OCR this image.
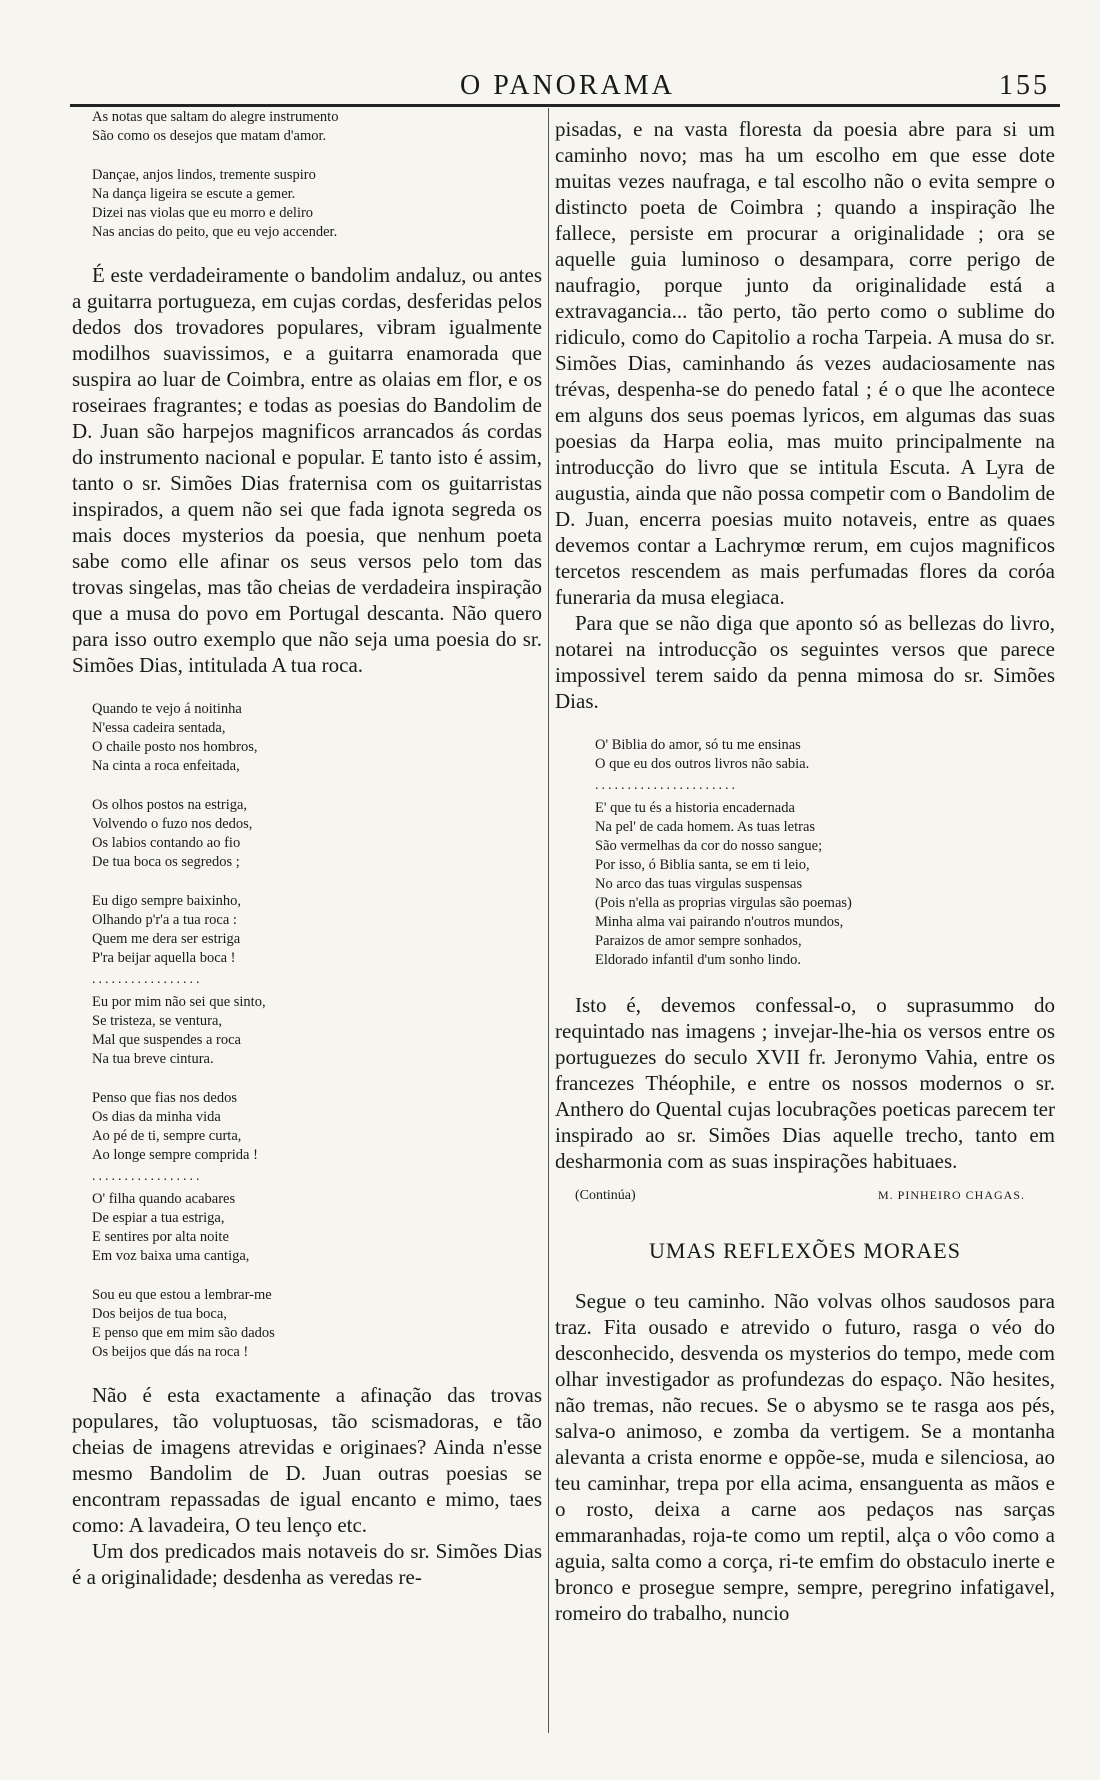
O PANORAMA	155
As notas que saltam do alegre instrumento
São como os desejos que matam d'amor.
Dançae, anjos lindos, tremente suspiro
Na dança ligeira se escute a gemer.
Dizei nas violas que eu morro e deliro
Nas ancias do peito, que eu vejo accender.

É este verdadeiramente o bandolim andaluz, ou antes a guitarra portugueza, em cujas cordas, desferidas pelos dedos dos trovadores populares, vibram igualmente modilhos suavissimos, e a guitarra enamorada que suspira ao luar de Coimbra, entre as olaias em flor, e os roseiraes fragrantes; e todas as poesias do Bandolim de D. Juan são harpejos magnificos arrancados ás cordas do instrumento nacional e popular. E tanto isto é assim, tanto o sr. Simões Dias fraternisa com os guitarristas inspirados, a quem não sei que fada ignota segreda os mais doces mysterios da poesia, que nenhum poeta sabe como elle afinar os seus versos pelo tom das trovas singelas, mas tão cheias de verdadeira inspiração que a musa do povo em Portugal descanta. Não quero para isso outro exemplo que não seja uma poesia do sr. Simões Dias, intitulada A tua roca.

Quando te vejo á noitinha
N'essa cadeira sentada,
O chaile posto nos hombros,
Na cinta a roca enfeitada,
Os olhos postos na estriga,
Volvendo o fuzo nos dedos,
Os labios contando ao fio
De tua boca os segredos ;
Eu digo sempre baixinho,
Olhando p'r'a a tua roca :
Quem me dera ser estriga
P'ra beijar aquella boca !
.................
Eu por mim não sei que sinto,
Se tristeza, se ventura,
Mal que suspendes a roca
Na tua breve cintura.
Penso que fias nos dedos
Os dias da minha vida
Ao pé de ti, sempre curta,
Ao longe sempre comprida !
.................
O' filha quando acabares
De espiar a tua estriga,
E sentires por alta noite
Em voz baixa uma cantiga,
Sou eu que estou a lembrar-me
Dos beijos de tua boca,
E penso que em mim são dados
Os beijos que dás na roca !

Não é esta exactamente a afinação das trovas populares, tão voluptuosas, tão scismadoras, e tão cheias de imagens atrevidas e originaes? Ainda n'esse mesmo Bandolim de D. Juan outras poesias se encontram repassadas de igual encanto e mimo, taes como: A lavadeira, O teu lenço etc.

Um dos predicados mais notaveis do sr. Simões Dias é a originalidade; desdenha as veredas re-

pisadas, e na vasta floresta da poesia abre para si um caminho novo; mas ha um escolho em que esse dote muitas vezes naufraga, e tal escolho não o evita sempre o distincto poeta de Coimbra ; quando a inspiração lhe fallece, persiste em procurar a originalidade ; ora se aquelle guia luminoso o desampara, corre perigo de naufragio, porque junto da originalidade está a extravagancia... tão perto, tão perto como o sublime do ridiculo, como do Capitolio a rocha Tarpeia. A musa do sr. Simões Dias, caminhando ás vezes audaciosamente nas trévas, despenha-se do penedo fatal ; é o que lhe acontece em alguns dos seus poemas lyricos, em algumas das suas poesias da Harpa eolia, mas muito principalmente na introducção do livro que se intitula Escuta. A Lyra de augustia, ainda que não possa competir com o Bandolim de D. Juan, encerra poesias muito notaveis, entre as quaes devemos contar a Lachrymœ rerum, em cujos magnificos tercetos rescendem as mais perfumadas flores da coróa funeraria da musa elegiaca.

Para que se não diga que aponto só as bellezas do livro, notarei na introducção os seguintes versos que parece impossivel terem saido da penna mimosa do sr. Simões Dias.

O' Biblia do amor, só tu me ensinas
O que eu dos outros livros não sabia.
......................
E' que tu és a historia encadernada
Na pel' de cada homem. As tuas letras
São vermelhas da cor do nosso sangue;
Por isso, ó Biblia santa, se em ti leio,
No arco das tuas virgulas suspensas
(Pois n'ella as proprias virgulas são poemas)
Minha alma vai pairando n'outros mundos,
Paraizos de amor sempre sonhados,
Eldorado infantil d'um sonho lindo.

Isto é, devemos confessal-o, o suprasummo do requintado nas imagens ; invejar-lhe-hia os versos entre os portuguezes do seculo XVII fr. Jeronymo Vahia, entre os francezes Théophile, e entre os nossos modernos o sr. Anthero do Quental cujas locubrações poeticas parecem ter inspirado ao sr. Simões Dias aquelle trecho, tanto em desharmonia com as suas inspirações habituaes.

(Continúa)	M. PINHEIRO CHAGAS.
UMAS REFLEXÕES MORAES

Segue o teu caminho. Não volvas olhos saudosos para traz. Fita ousado e atrevido o futuro, rasga o véo do desconhecido, desvenda os mysterios do tempo, mede com olhar investigador as profundezas do espaço. Não hesites, não tremas, não recues. Se o abysmo se te rasga aos pés, salva-o animoso, e zomba da vertigem. Se a montanha alevanta a crista enorme e oppõe-se, muda e silenciosa, ao teu caminhar, trepa por ella acima, ensanguenta as mãos e o rosto, deixa a carne aos pedaços nas sarças emmaranhadas, roja-te como um reptil, alça o vôo como a aguia, salta como a corça, ri-te emfim do obstaculo inerte e bronco e prosegue sempre, sempre, peregrino infatigavel, romeiro do trabalho, nuncio
